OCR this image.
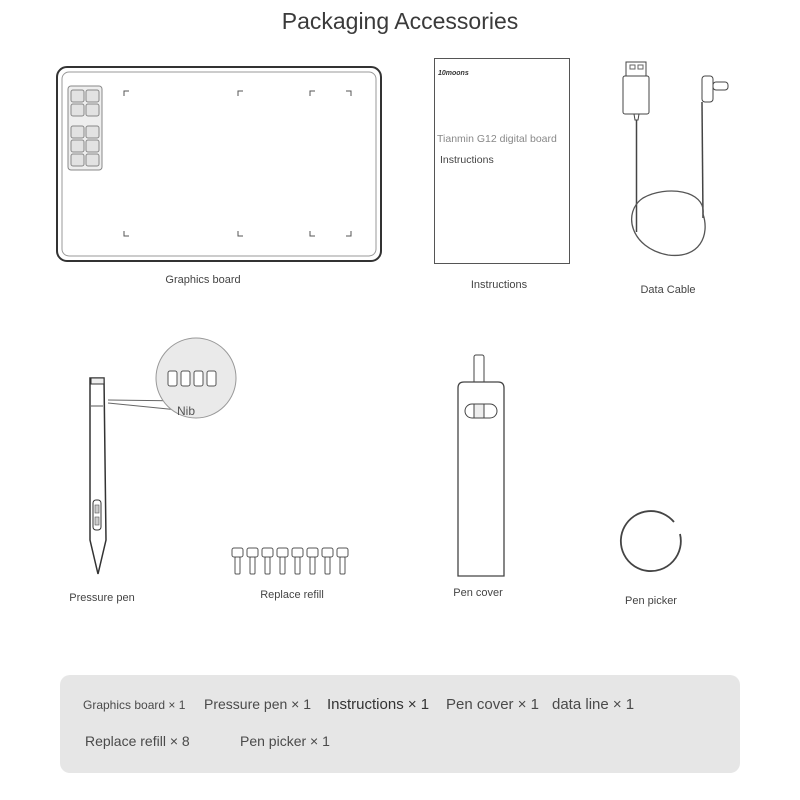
Packaging Accessories
Graphics board
10moons
Tianmin G12 digital board
Instructions
Instructions	Data Cable
Nib
Pressure pen	Replace refill	Pen cover
Pen picker
Graphics board × 1 Pressure pen × 1 Instructions × 1 Pen cover × 1 data line × 1
Replace refill × 8	Pen picker × 1
